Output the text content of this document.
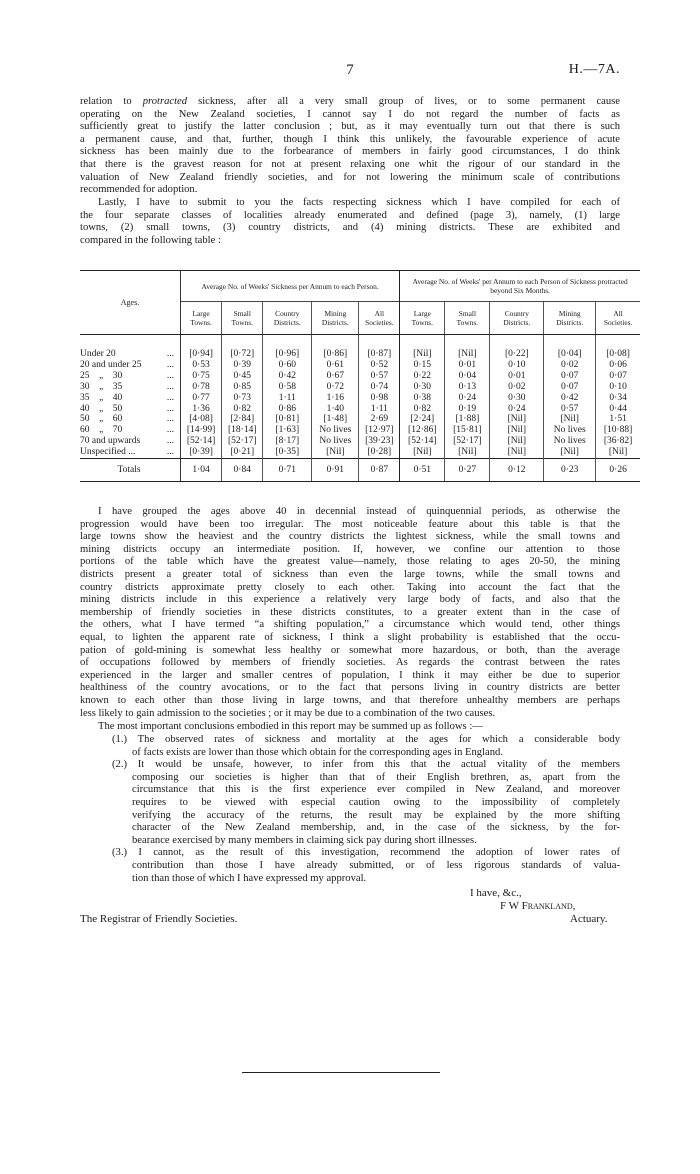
7	H.—7A.
relation to protracted sickness, after all a very small group of lives, or to some permanent cause
operating on the New Zealand societies, I cannot say I do not regard the number of facts as
sufficiently great to justify the latter conclusion ; but, as it may eventually turn out that there is such
a permanent cause, and that, further, though I think this unlikely, the favourable experience of acute
sickness has been mainly due to the forbearance of members in fairly good circumstances, I do think
that there is the gravest reason for not at present relaxing one whit the rigour of our standard in the
valuation of New Zealand friendly societies, and for not lowering the minimum scale of contributions
recommended for adoption.
Lastly, I have to submit to you the facts respecting sickness which I have compiled for each of
the four separate classes of localities already enumerated and defined (page 3), namely, (1) large
towns, (2) small towns, (3) country districts, and (4) mining districts. These are exhibited and
compared in the following table :
Ages.	Average No. of Weeks' Sickness per Annum to each Person.					Average No. of Weeks' per Annum to each Person of Sickness protracted beyond Six Months.				
	Large Towns.	Small Towns.	Country Districts.	Mining Districts.	All Societies.	Large Towns.	Small Towns.	Country Districts.	Mining Districts.	All Societies.
Under 20 ...	[0·94]	[0·72]	[0·96]	[0·86]	[0·87]	[Nil]	[Nil]	[0·22]	[0·04]	[0·08]
20 and under 25 ...	0·53	0·39	0·60	0·61	0·52	0·15	0·01	0·10	0·02	0·06
25    „    30 ...	0·75	0·45	0·42	0·67	0·57	0·22	0·04	0·01	0·07	0·07
30    „    35 ...	0·78	0·85	0·58	0·72	0·74	0·30	0·13	0·02	0·07	0·10
35    „    40 ...	0·77	0·73	1·11	1·16	0·98	0·38	0·24	0·30	0·42	0·34
40    „    50 ...	1·36	0·82	0·86	1·40	1·11	0·82	0·19	0·24	0·57	0·44
50    „    60 ...	[4·08]	[2·84]	[0·81]	[1·48]	2·69	[2·24]	[1·88]	[Nil]	[Nil]	1·51
60    „    70 ...	[14·99]	[18·14]	[1·63]	No lives	[12·97]	[12·86]	[15·81]	[Nil]	No lives	[10·88]
70 and upwards ...	[52·14]	[52·17]	[8·17]	No lives	[39·23]	[52·14]	[52·17]	[Nil]	No lives	[36·82]
Unspecified ... ...	[0·39]	[0·21]	[0·35]	[Nil]	[0·28]	[Nil]	[Nil]	[Nil]	[Nil]	[Nil]
Totals	1·04	0·84	0·71	0·91	0·87	0·51	0·27	0·12	0·23	0·26
I have grouped the ages above 40 in decennial instead of quinquennial periods, as otherwise the
progression would have been too irregular. The most noticeable feature about this table is that the
large towns show the heaviest and the country districts the lightest sickness, while the small towns and
mining districts occupy an intermediate position. If, however, we confine our attention to those
portions of the table which have the greatest value—namely, those relating to ages 20-50, the mining
districts present a greater total of sickness than even the large towns, while the small towns and
country districts approximate pretty closely to each other. Taking into account the fact that the
mining districts include in this experience a relatively very large body of facts, and also that the
membership of friendly societies in these districts constitutes, to a greater extent than in the case of
the others, what I have termed “a shifting population,” a circumstance which would tend, other things
equal, to lighten the apparent rate of sickness, I think a slight probability is established that the occu-
pation of gold-mining is somewhat less healthy or somewhat more hazardous, or both, than the average
of occupations followed by members of friendly societies. As regards the contrast between the rates
experienced in the larger and smaller centres of population, I think it may either be due to superior
healthiness of the country avocations, or to the fact that persons living in country districts are better
known to each other than those living in large towns, and that therefore unhealthy members are perhaps
less likely to gain admission to the societies ; or it may be due to a combination of the two causes.
The most important conclusions embodied in this report may be summed up as follows :—
(1.) The observed rates of sickness and mortality at the ages for which a considerable body
of facts exists are lower than those which obtain for the corresponding ages in England.
(2.) It would be unsafe, however, to infer from this that the actual vitality of the members
composing our societies is higher than that of their English brethren, as, apart from the
circumstance that this is the first experience ever compiled in New Zealand, and moreover
requires to be viewed with especial caution owing to the impossibility of completely
verifying the accuracy of the returns, the result may be explained by the more shifting
character of the New Zealand membership, and, in the case of the sickness, by the for-
bearance exercised by many members in claiming sick pay during short illnesses.
(3.) I cannot, as the result of this investigation, recommend the adoption of lower rates of
contribution than those I have already submitted, or of less rigorous standards of valua-
tion than those of which I have expressed my approval.
I have, &c.,
F W Frankland,
The Registrar of Friendly Societies.	Actuary.
